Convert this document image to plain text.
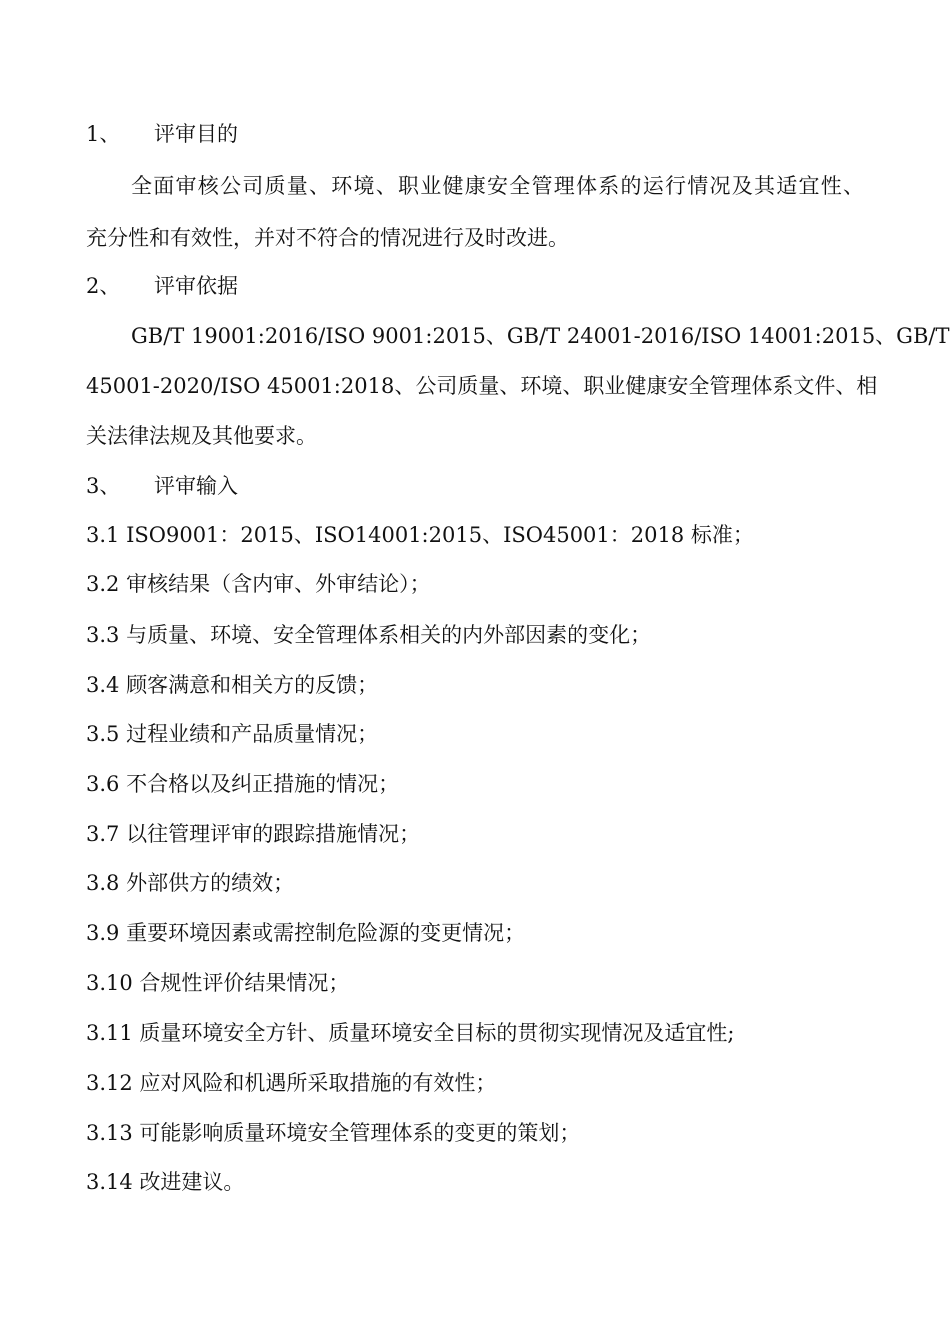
1、 评审目的
全面审核公司质量、环境、职业健康安全管理体系的运行情况及其适宜性、
充分性和有效性，并对不符合的情况进行及时改进。
2、 评审依据
GB/T 19001:2016/ISO 9001:2015、GB/T 24001-2016/ISO 14001:2015、GB/T
45001-2020/ISO 45001:2018、公司质量、环境、职业健康安全管理体系文件、相
关法律法规及其他要求。
3、 评审输入
3.1 ISO9001：2015、ISO14001:2015、ISO45001：2018 标准；
3.2 审核结果（含内审、外审结论）；
3.3 与质量、环境、安全管理体系相关的内外部因素的变化；
3.4 顾客满意和相关方的反馈；
3.5 过程业绩和产品质量情况；
3.6 不合格以及纠正措施的情况；
3.7 以往管理评审的跟踪措施情况；
3.8 外部供方的绩效；
3.9 重要环境因素或需控制危险源的变更情况；
3.10 合规性评价结果情况；
3.11 质量环境安全方针、质量环境安全目标的贯彻实现情况及适宜性;
3.12 应对风险和机遇所采取措施的有效性；
3.13 可能影响质量环境安全管理体系的变更的策划；
3.14 改进建议。
